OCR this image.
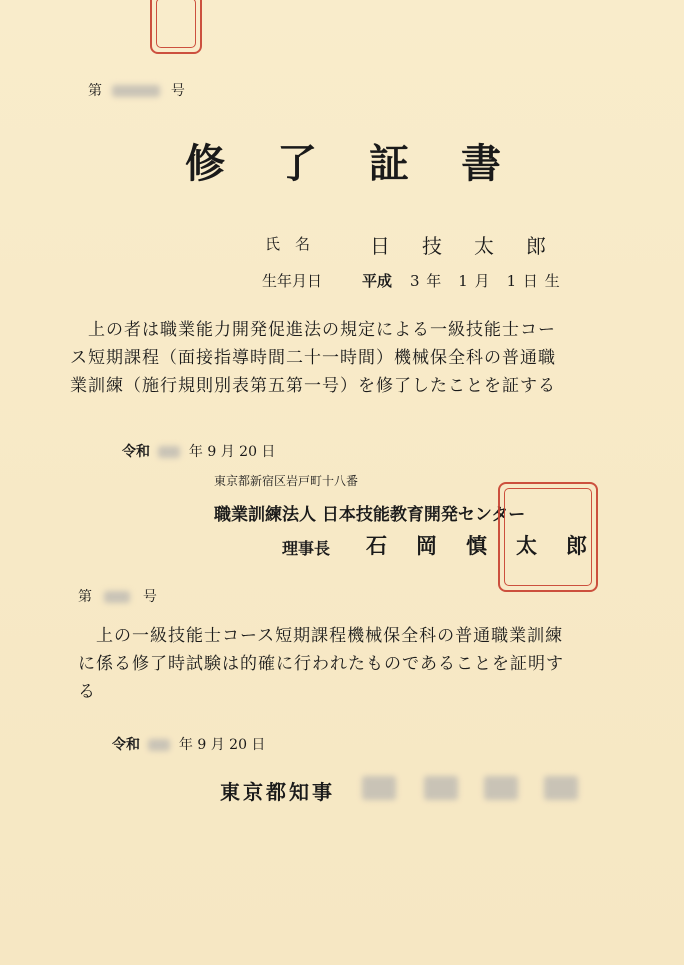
第	号
修　了　証　書
氏　名	日　技　太　郎
生年月日	平成 3 年　1 月　1 日 生
上の者は職業能力開発促進法の規定による一級技能士コー
ス短期課程（面接指導時間二十一時間）機械保全科の普通職
業訓練（施行規則別表第五第一号）を修了したことを証する
令和	年 9 月 20 日
東京都新宿区岩戸町十八番
職業訓練法人 日本技能教育開発センター
理事長 石　岡　慎　太　郎
第	号
上の一級技能士コース短期課程機械保全科の普通職業訓練
に係る修了時試験は的確に行われたものであることを証明す
る
令和	年 9 月 20 日
東京都知事
